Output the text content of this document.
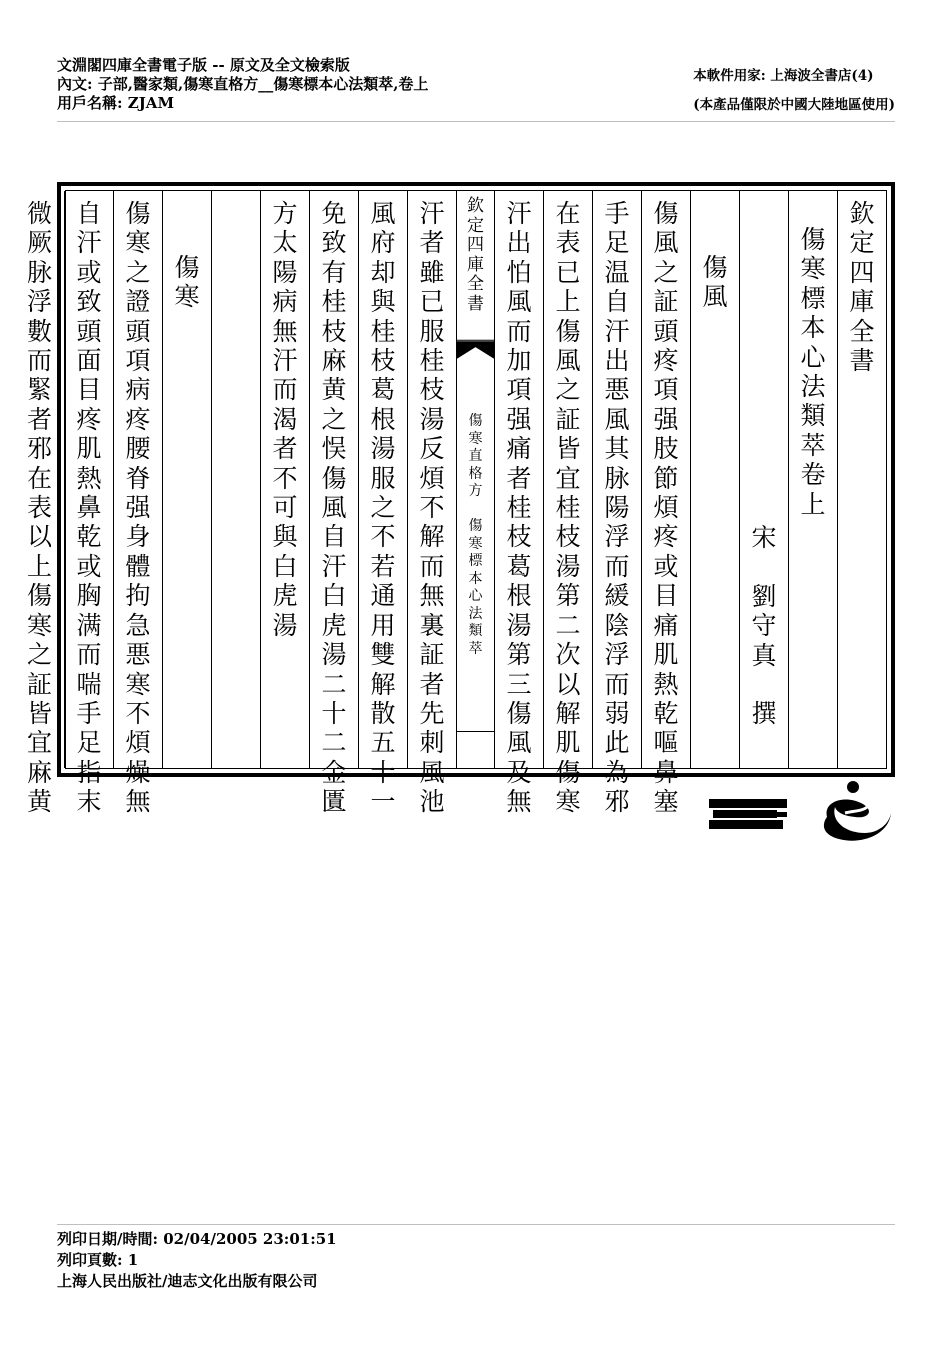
文淵閣四庫全書電子版 -- 原文及全文檢索版
內文: 子部,醫家類,傷寒直格方__傷寒標本心法類萃,卷上
用戶名稱: ZJAM
本軟件用家: 上海波全書店(4)
(本產品僅限於中國大陸地區使用)
欽
定
四
庫
全
書
傷
寒
標
本
心
法
類
萃
卷
上
宋

劉
守
真

撰
傷
風
傷
風
之
証
頭
疼
項
强
肢
節
煩
疼
或
目
痛
肌
熱
乾
嘔
鼻
塞
手
足
温
自
汗
出
悪
風
其
脉
陽
浮
而
緩
陰
浮
而
弱
此
為
邪
在
表
已
上
傷
風
之
証
皆
宜
桂
枝
湯
第
二
次
以
解
肌
傷
寒
汗
出
怕
風
而
加
項
强
痛
者
桂
枝
葛
根
湯
第
三
傷
風
及
無
欽
定
四
庫
全
書
傷
寒
直
格
方

傷
寒
標
本
心
法
類
萃
汗
者
雖
已
服
桂
枝
湯
反
煩
不
解
而
無
裏
証
者
先
刺
風
池
風
府
却
與
桂
枝
葛
根
湯
服
之
不
若
通
用
雙
解
散
五
十
一
免
致
有
桂
枝
麻
黄
之
悮
傷
風
自
汗
白
虎
湯
二
十
二
金
匱
方
太
陽
病
無
汗
而
渴
者
不
可
與
白
虎
湯
傷
寒
傷
寒
之
證
頭
項
病
疼
腰
脊
强
身
體
拘
急
悪
寒
不
煩
燥
無
自
汗
或
致
頭
面
目
疼
肌
熱
鼻
乾
或
胸
满
而
喘
手
足
指
末
微
厥
脉
浮
數
而
緊
者
邪
在
表
以
上
傷
寒
之
証
皆
宜
麻
黄
列印日期/時間: 02/04/2005 23:01:51
列印頁數: 1
上海人民出版社/迪志文化出版有限公司
